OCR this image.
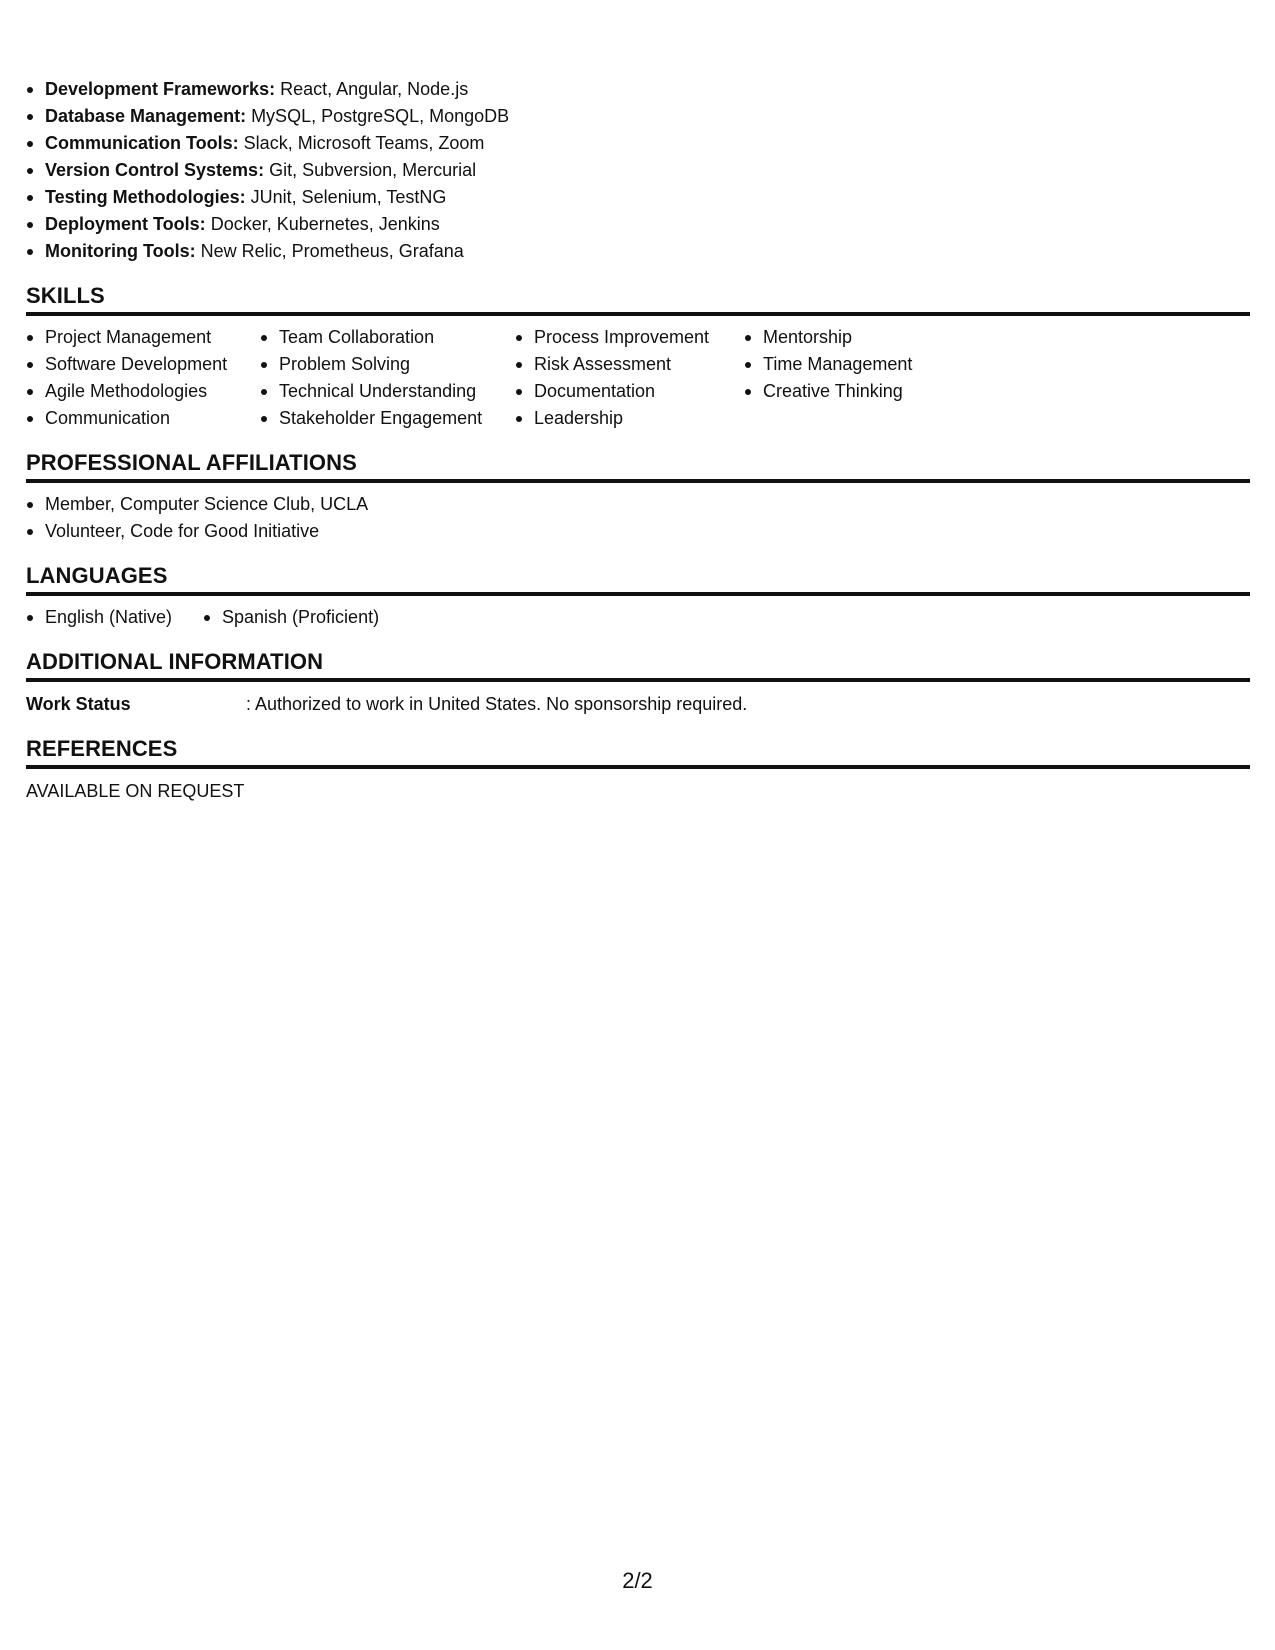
Development Frameworks: React, Angular, Node.js
Database Management: MySQL, PostgreSQL, MongoDB
Communication Tools: Slack, Microsoft Teams, Zoom
Version Control Systems: Git, Subversion, Mercurial
Testing Methodologies: JUnit, Selenium, TestNG
Deployment Tools: Docker, Kubernetes, Jenkins
Monitoring Tools: New Relic, Prometheus, Grafana
SKILLS
Project Management
Software Development
Agile Methodologies
Communication
Team Collaboration
Problem Solving
Technical Understanding
Stakeholder Engagement
Process Improvement
Risk Assessment
Documentation
Leadership
Mentorship
Time Management
Creative Thinking
PROFESSIONAL AFFILIATIONS
Member, Computer Science Club, UCLA
Volunteer, Code for Good Initiative
LANGUAGES
English (Native)	Spanish (Proficient)
ADDITIONAL INFORMATION
Work Status	: Authorized to work in United States. No sponsorship required.
REFERENCES
AVAILABLE ON REQUEST
2/2
